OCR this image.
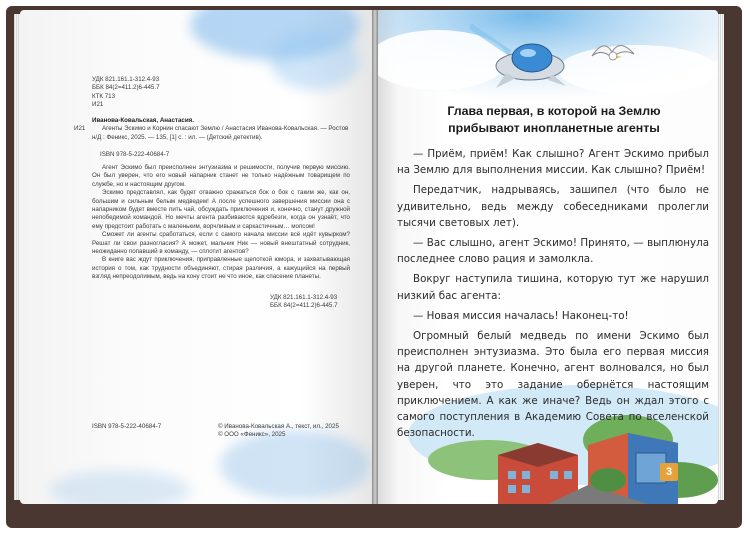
УДК 821.161.1-312.4-93

ББК 84(2=411.2)6-445.7

КТК 713

И21

Иванова-Ковальская, Анастасия.

Агенты Эскимо и Корнин спасают Землю / Анастасия Иванова-Ковальская. — Ростов н/Д : Феникс, 2025. — 135, [1] с. : ил. — (Детский детектив).

И21
ISBN 978-5-222-40684-7

Агент Эскимо был преисполнен энтузиазма и решимости, получив первую миссию. Он был уверен, что его новый напарник станет не только надёжным товарищем по службе, но и настоящим другом.

Эскимо представлял, как будет отважно сражаться бок о бок с таким же, как он, большим и сильным белым медведем! А после успешного завершения миссии она с напарником будет вместе пить чай, обсуждать приключения и, конечно, станут дружной непобедимой командой. Но мечты агента разбиваются вдребезги, когда он узнаёт, что ему предстоит работать с маленьким, ворчливым и саркастичным… мопсом!

Сможет ли агенты сработаться, если с самого начала миссии всё идёт кувырком? Решат ли свои разногласия? А может, мальчик Ник — новый внештатный сотрудник, неожиданно попавший в команду, — сплотит агентов?

В книге вас ждут приключения, приправленные щепоткой юмора, и захватывающая история о том, как трудности объединяют, стирая различия, а кажущийся на первый взгляд непреодолимым, ведь на кону стоит не что иное, как спасение планеты.

УДК 821.161.1-312.4-93

ББК 84(2=411.2)6-445.7

ISBN 978-5-222-40684-7	© Иванова-Ковальская А., текст, ил., 2025

© ООО «Феникс», 2025

Глава первая, в которой на Землю
прибывают инопланетные агенты

— Приём, приём! Как слышно? Агент Эскимо прибыл на Землю для выполнения миссии. Как слышно? Приём!

Передатчик, надрываясь, зашипел (что было не удивительно, ведь между собеседниками пролегли тысячи световых лет).

— Вас слышно, агент Эскимо! Принято, — выплюнула последнее слово рация и замолкла.

Вокруг наступила тишина, которую тут же нарушил низкий бас агента:

— Новая миссия началась! Наконец-то!

Огромный белый медведь по имени Эскимо был преисполнен энтузиазма. Это была его первая миссия на другой планете. Конечно, агент волновался, но был уверен, что это задание обернётся настоящим приключением. А как же иначе? Ведь он ждал этого с самого поступления в Академию Совета по вселенской безопасности.

3
